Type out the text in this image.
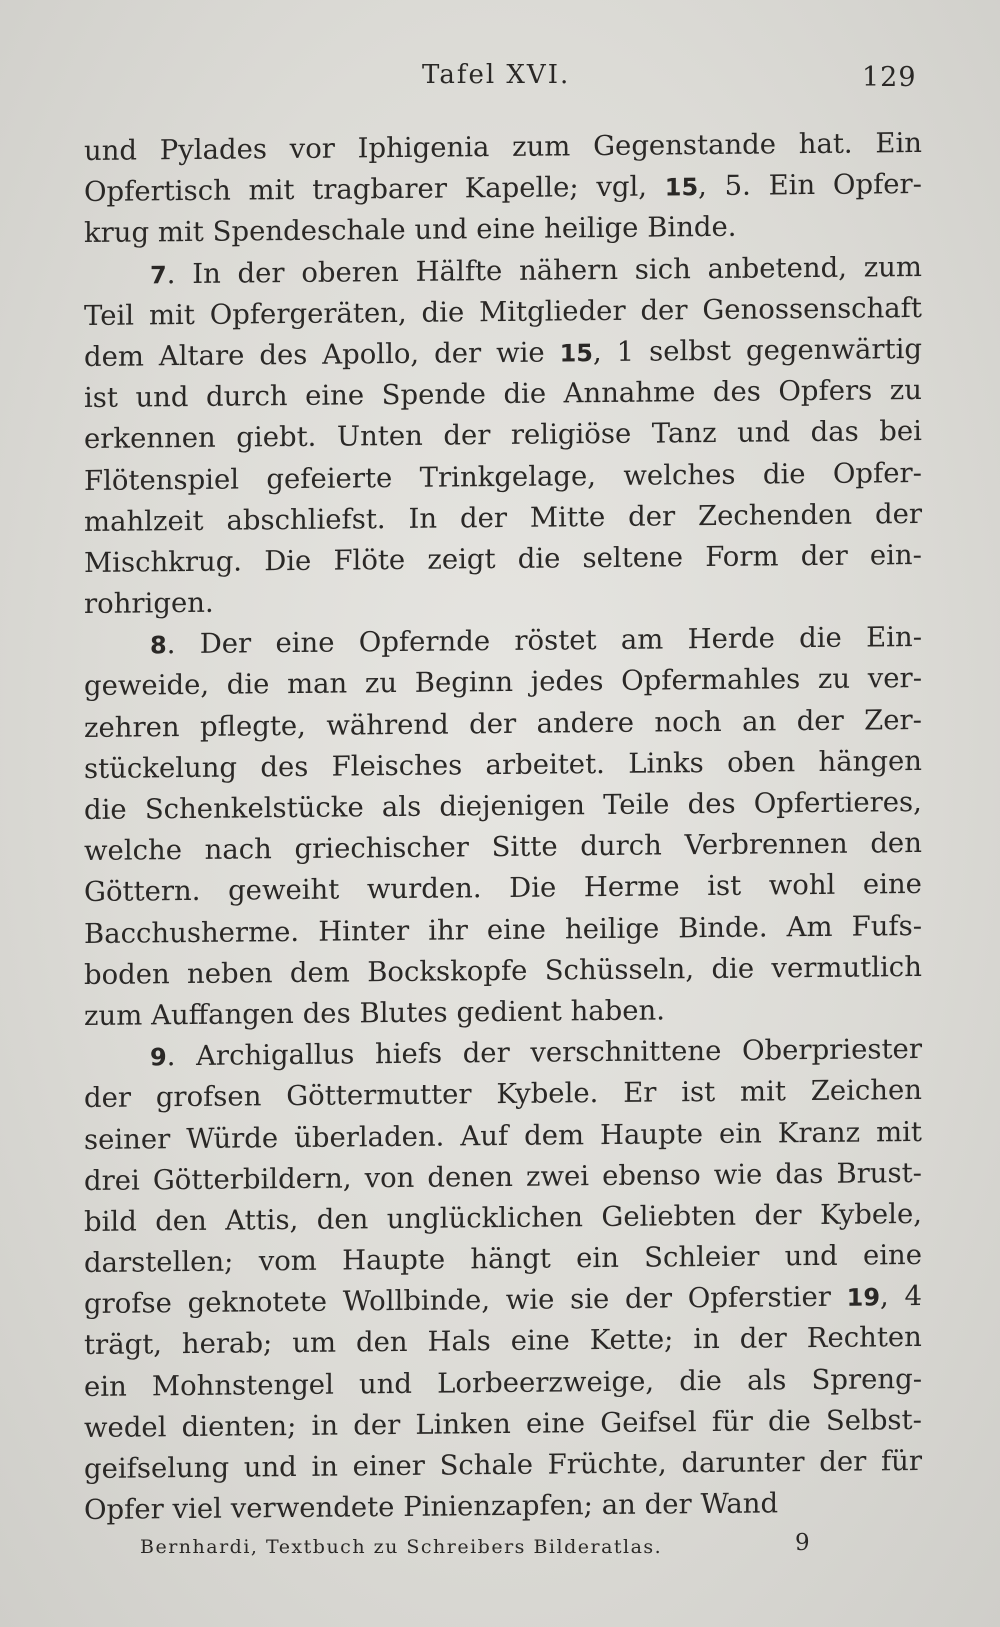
Tafel XVI.	129
und Pylades vor Iphigenia zum Gegenstande hat. Ein
Opfertisch mit tragbarer Kapelle; vgl, 15, 5. Ein Opfer-
krug mit Spendeschale und eine heilige Binde.
7. In der oberen Hälfte nähern sich anbetend, zum
Teil mit Opfergeräten, die Mitglieder der Genossenschaft
dem Altare des Apollo, der wie 15, 1 selbst gegenwärtig
ist und durch eine Spende die Annahme des Opfers zu
erkennen giebt. Unten der religiöse Tanz und das bei
Flötenspiel gefeierte Trinkgelage, welches die Opfer-
mahlzeit abschliefst. In der Mitte der Zechenden der
Mischkrug. Die Flöte zeigt die seltene Form der ein-
rohrigen.
8. Der eine Opfernde röstet am Herde die Ein-
geweide, die man zu Beginn jedes Opfermahles zu ver-
zehren pflegte, während der andere noch an der Zer-
stückelung des Fleisches arbeitet. Links oben hängen
die Schenkelstücke als diejenigen Teile des Opfertieres,
welche nach griechischer Sitte durch Verbrennen den
Göttern. geweiht wurden. Die Herme ist wohl eine
Bacchusherme. Hinter ihr eine heilige Binde. Am Fufs-
boden neben dem Bockskopfe Schüsseln, die vermutlich
zum Auffangen des Blutes gedient haben.
9. Archigallus hiefs der verschnittene Oberpriester
der grofsen Göttermutter Kybele. Er ist mit Zeichen
seiner Würde überladen. Auf dem Haupte ein Kranz mit
drei Götterbildern, von denen zwei ebenso wie das Brust-
bild den Attis, den unglücklichen Geliebten der Kybele,
darstellen; vom Haupte hängt ein Schleier und eine
grofse geknotete Wollbinde, wie sie der Opferstier 19, 4
trägt, herab; um den Hals eine Kette; in der Rechten
ein Mohnstengel und Lorbeerzweige, die als Spreng-
wedel dienten; in der Linken eine Geifsel für die Selbst-
geifselung und in einer Schale Früchte, darunter der für
Opfer viel verwendete Pinienzapfen; an der Wand
Bernhardi, Textbuch zu Schreibers Bilderatlas.	9
